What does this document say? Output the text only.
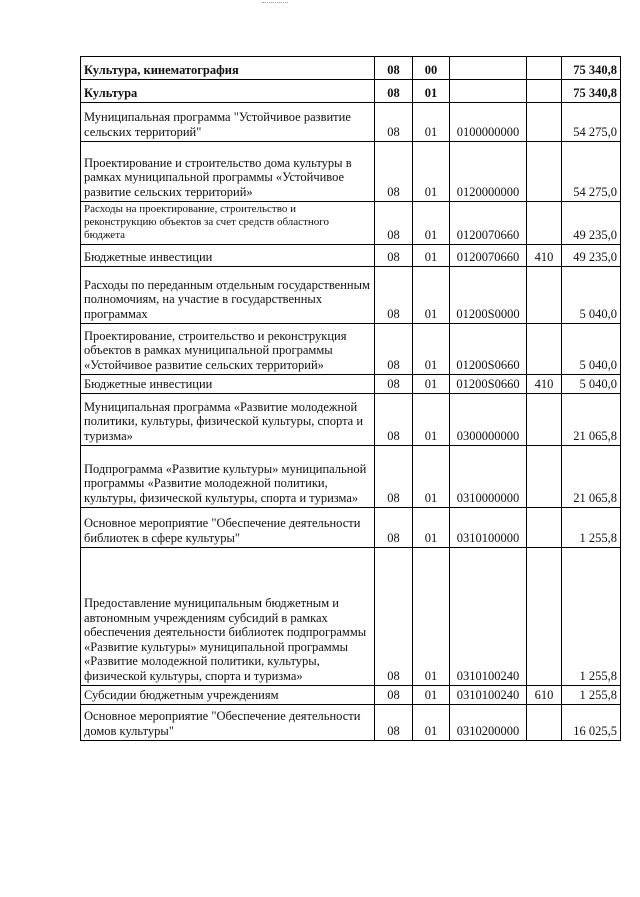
Культура, кинематография	08	00			75 340,8
Культура	08	01			75 340,8
Муниципальная программа "Устойчивое развитие сельских территорий"	08	01	0100000000		54 275,0
Проектирование и строительство дома культуры в рамках муниципальной программы «Устойчивое развитие сельских территорий»	08	01	0120000000		54 275,0
Расходы на проектирование, строительство и реконструкцию объектов за счет средств областного бюджета	08	01	0120070660		49 235,0
Бюджетные инвестиции	08	01	0120070660	410	49 235,0
Расходы по переданным отдельным государственным полномочиям, на участие в государственных программах	08	01	01200S0000		5 040,0
Проектирование, строительство и реконструкция объектов в рамках муниципальной программы «Устойчивое развитие сельских территорий»	08	01	01200S0660		5 040,0
Бюджетные инвестиции	08	01	01200S0660	410	5 040,0
Муниципальная программа «Развитие молодежной политики, культуры, физической культуры, спорта и туризма»	08	01	0300000000		21 065,8
Подпрограмма «Развитие культуры» муниципальной программы «Развитие молодежной политики, культуры, физической культуры, спорта и туризма»	08	01	0310000000		21 065,8
Основное мероприятие "Обеспечение деятельности библиотек в сфере культуры"	08	01	0310100000		1 255,8
Предоставление муниципальным бюджетным и автономным учреждениям субсидий в рамках обеспечения деятельности библиотек подпрограммы «Развитие культуры» муниципальной программы «Развитие молодежной политики, культуры, физической культуры, спорта и туризма»	08	01	0310100240		1 255,8
Субсидии бюджетным учреждениям	08	01	0310100240	610	1 255,8
Основное мероприятие "Обеспечение деятельности домов культуры"	08	01	0310200000		16 025,5
